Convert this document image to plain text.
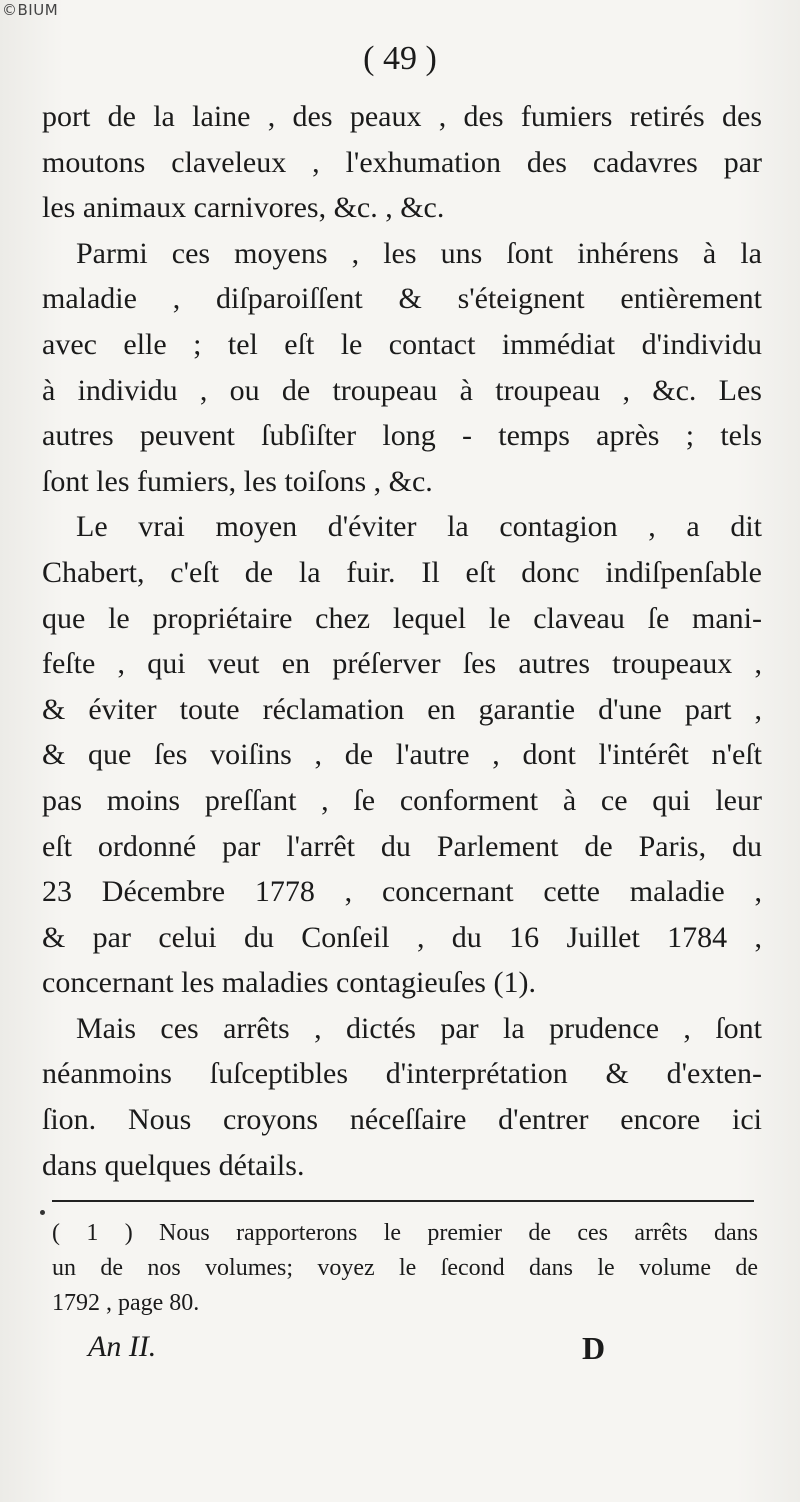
©BIUM
( 49 )
port de la laine , des peaux , des fumiers retirés des
moutons claveleux , l'exhumation des cadavres par
les animaux carnivores, &c. , &c.
Parmi ces moyens , les uns ſont inhérens à la
maladie , diſparoiſſent & s'éteignent entièrement
avec elle ; tel eſt le contact immédiat d'individu
à individu , ou de troupeau à troupeau , &c. Les
autres peuvent ſubſiſter long - temps après ; tels
ſont les fumiers, les toiſons , &c.
Le vrai moyen d'éviter la contagion , a dit
Chabert, c'eſt de la fuir. Il eſt donc indiſpenſable
que le propriétaire chez lequel le claveau ſe mani-
feſte , qui veut en préſerver ſes autres troupeaux ,
& éviter toute réclamation en garantie d'une part ,
& que ſes voiſins , de l'autre , dont l'intérêt n'eſt
pas moins preſſant , ſe conforment à ce qui leur
eſt ordonné par l'arrêt du Parlement de Paris, du
23 Décembre 1778 , concernant cette maladie ,
& par celui du Conſeil , du 16 Juillet 1784 ,
concernant les maladies contagieuſes (1).
Mais ces arrêts , dictés par la prudence , ſont
néanmoins ſuſceptibles d'interprétation & d'exten-
ſion. Nous croyons néceſſaire d'entrer encore ici
dans quelques détails.
( 1 ) Nous rapporterons le premier de ces arrêts dans
un de nos volumes; voyez le ſecond dans le volume de
1792 , page 80.
An II.	D
